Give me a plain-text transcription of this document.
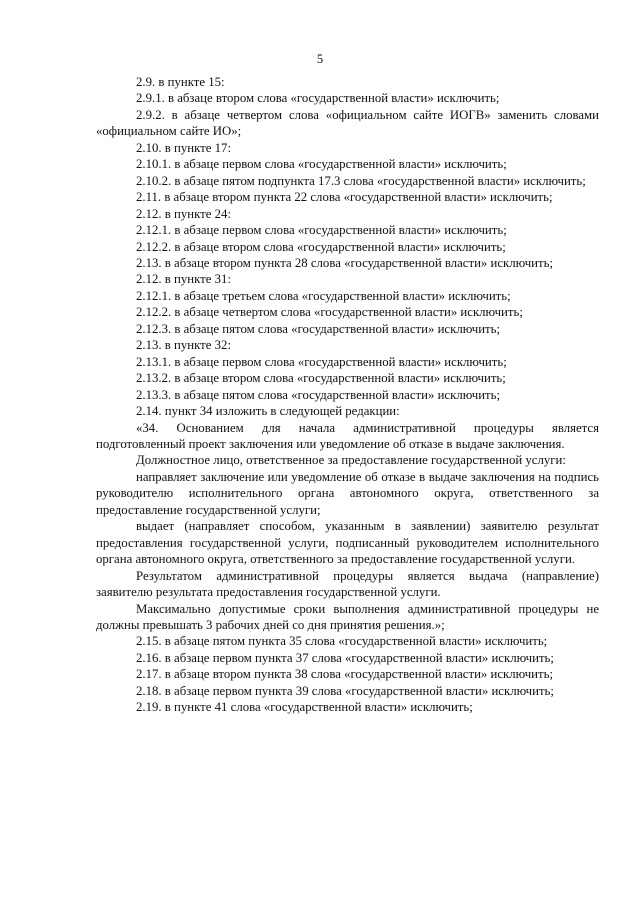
5

2.9. в пункте 15:

2.9.1. в абзаце втором слова «государственной власти» исключить;

2.9.2. в абзаце четвертом слова «официальном сайте ИОГВ» заменить словами «официальном сайте ИО»;

2.10. в пункте 17:

2.10.1. в абзаце первом слова «государственной власти» исключить;

2.10.2. в абзаце пятом подпункта 17.3 слова «государственной власти» исключить;

2.11. в абзаце втором пункта 22 слова «государственной власти» исключить;

2.12. в пункте 24:

2.12.1. в абзаце первом слова «государственной власти» исключить;

2.12.2. в абзаце втором слова «государственной власти» исключить;

2.13. в абзаце втором пункта 28 слова «государственной власти» исключить;

2.12. в пункте 31:

2.12.1. в абзаце третьем слова «государственной власти» исключить;

2.12.2. в абзаце четвертом слова «государственной власти» исключить;

2.12.3. в абзаце пятом слова «государственной власти» исключить;

2.13. в пункте 32:

2.13.1. в абзаце первом слова «государственной власти» исключить;

2.13.2. в абзаце втором слова «государственной власти» исключить;

2.13.3. в абзаце пятом слова «государственной власти» исключить;

2.14. пункт 34 изложить в следующей редакции:

«34. Основанием для начала административной процедуры является подготовленный проект заключения или уведомление об отказе в выдаче заключения.

Должностное лицо, ответственное за предоставление государственной услуги:

направляет заключение или уведомление об отказе в выдаче заключения на подпись руководителю исполнительного органа автономного округа, ответственного за предоставление государственной услуги;

выдает (направляет способом, указанным в заявлении) заявителю результат предоставления государственной услуги, подписанный руководителем исполнительного органа автономного округа, ответственного за предоставление государственной услуги.

Результатом административной процедуры является выдача (направление) заявителю результата предоставления государственной услуги.

Максимально допустимые сроки выполнения административной процедуры не должны превышать 3 рабочих дней со дня принятия решения.»;

2.15. в абзаце пятом пункта 35 слова «государственной власти» исключить;

2.16. в абзаце первом пункта 37 слова «государственной власти» исключить;

2.17. в абзаце втором пункта 38 слова «государственной власти» исключить;

2.18. в абзаце первом пункта 39 слова «государственной власти» исключить;

2.19. в пункте 41 слова «государственной власти» исключить;
